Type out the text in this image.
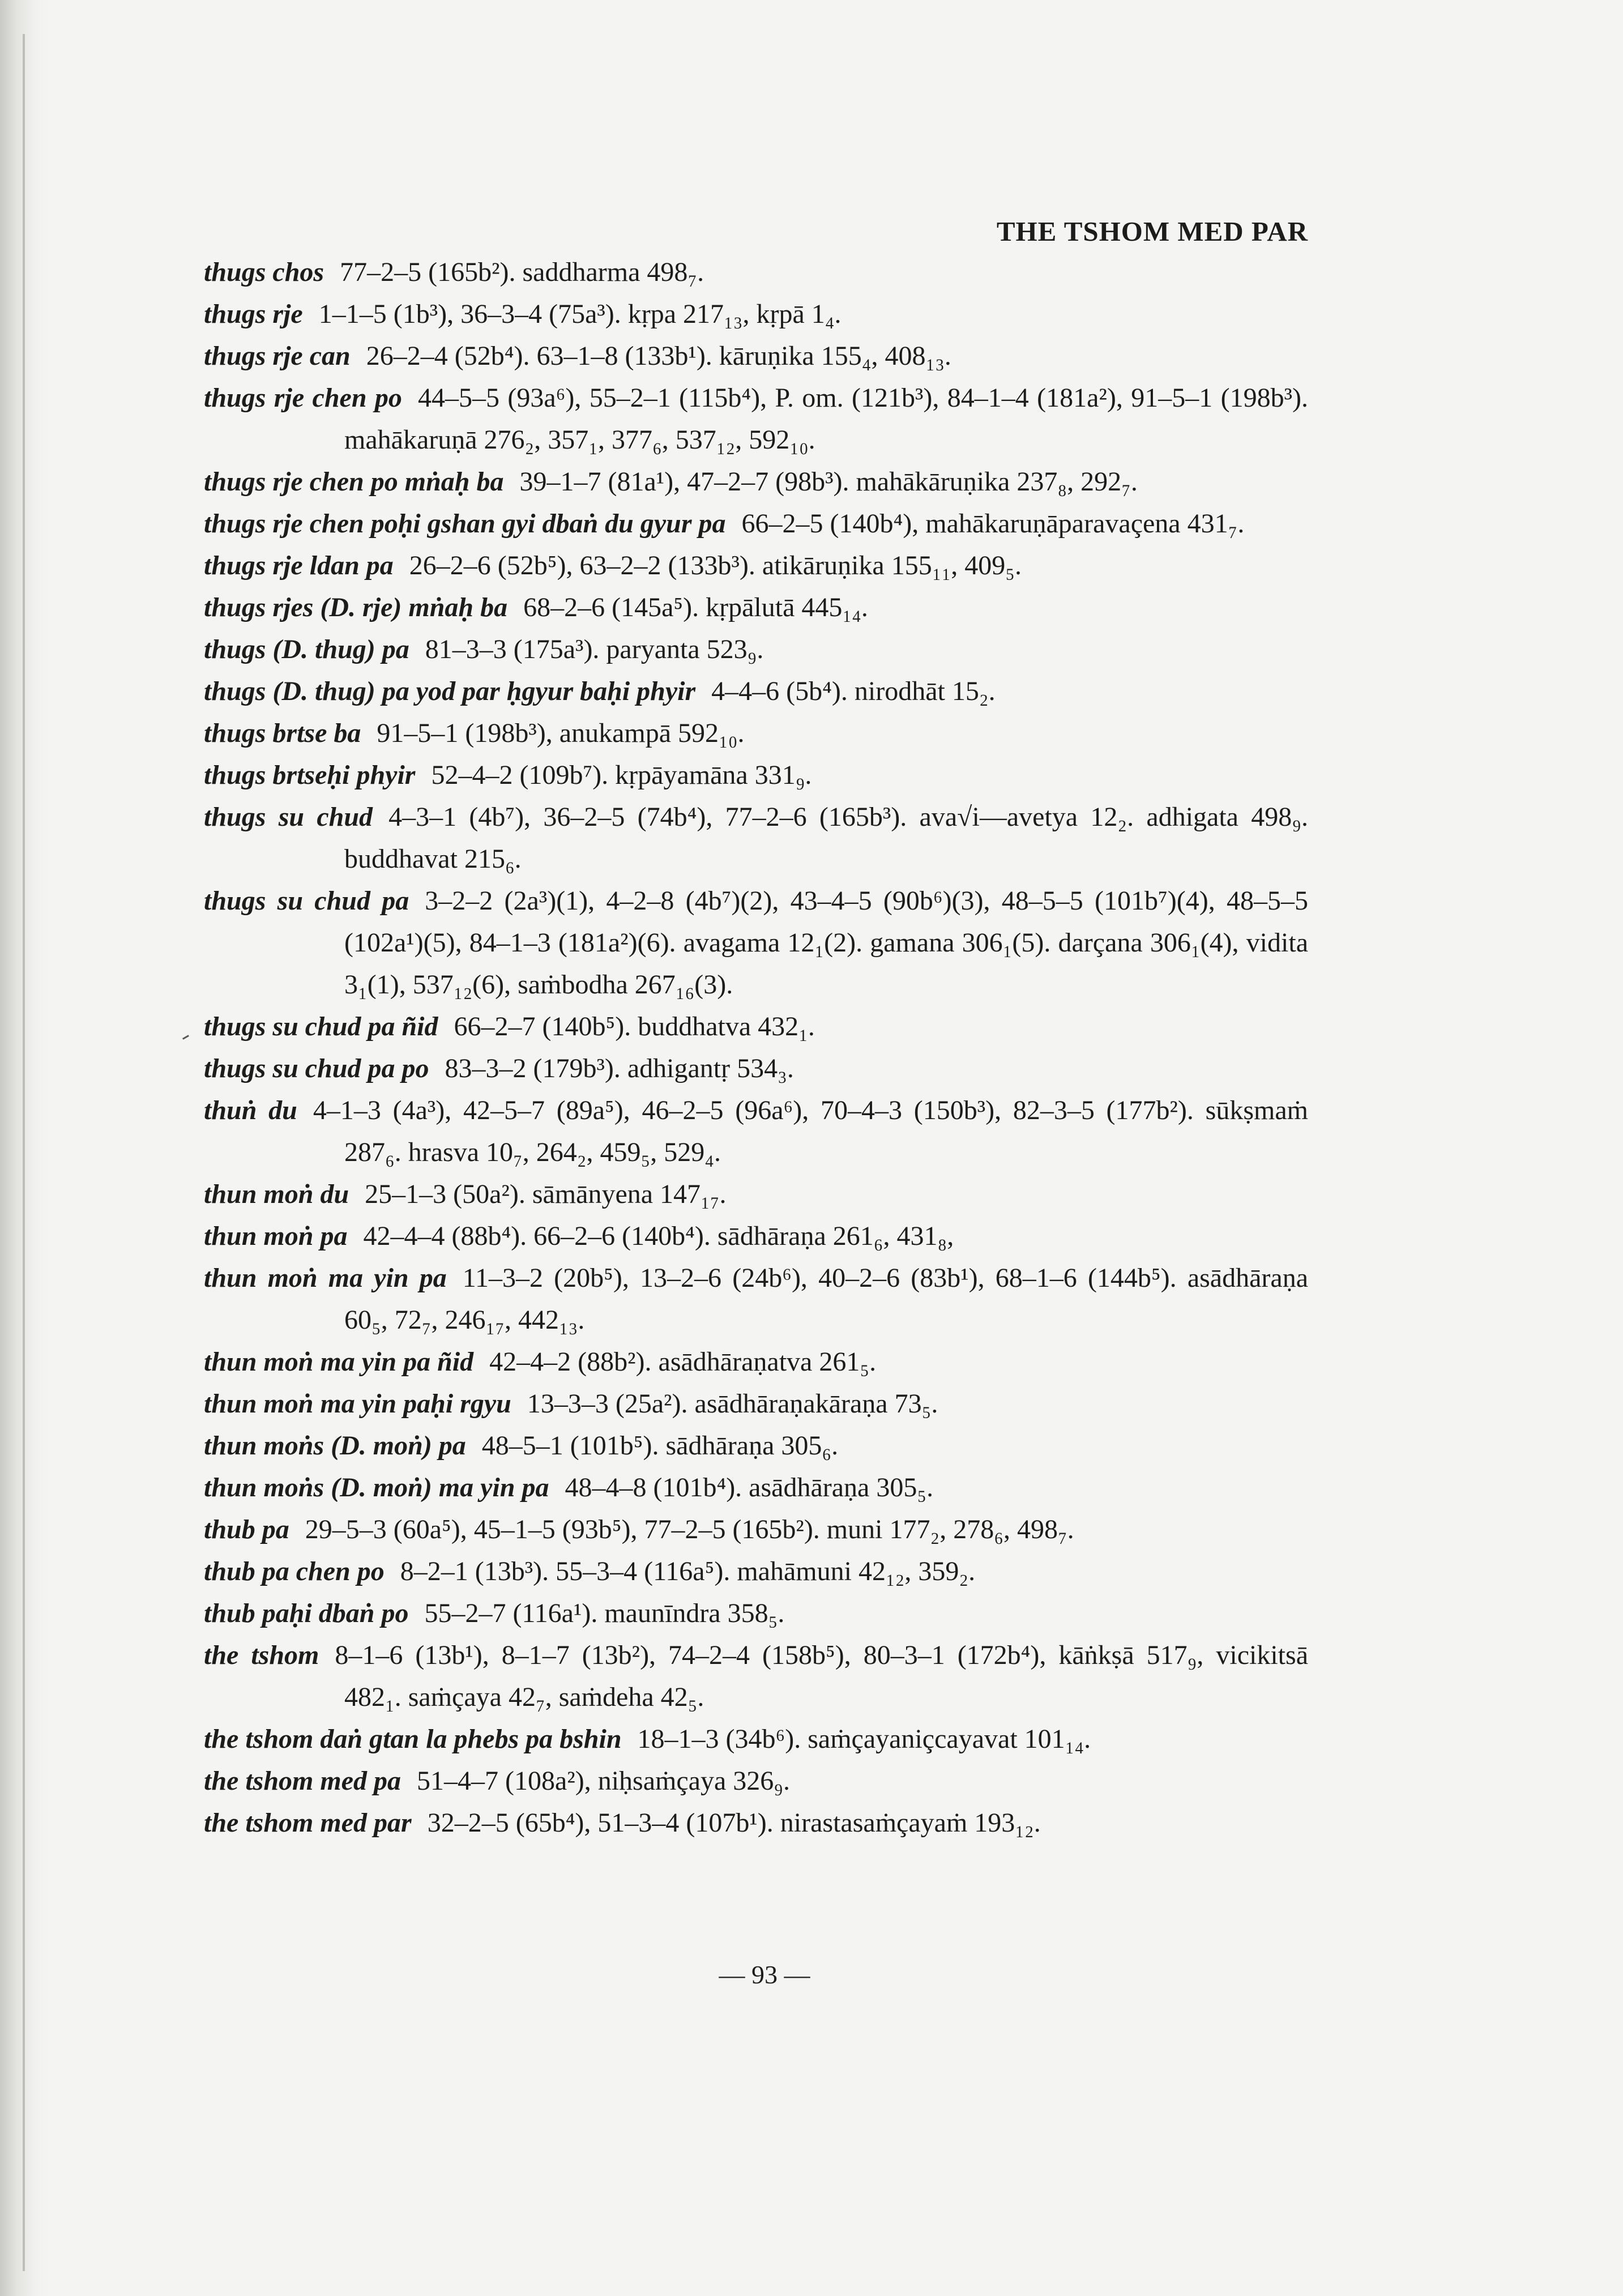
THE TSHOM MED PAR
thugs chos 77–2–5 (165b²). saddharma 498₇.
thugs rje 1–1–5 (1b³), 36–3–4 (75a³). kṛpa 217₁₃, kṛpā 1₄.
thugs rje can 26–2–4 (52b⁴). 63–1–8 (133b¹). kāruṇika 155₄, 408₁₃.
thugs rje chen po 44–5–5 (93a⁶), 55–2–1 (115b⁴), P. om. (121b³), 84–1–4 (181a²), 91–5–1 (198b³). mahākaruṇā 276₂, 357₁, 377₆, 537₁₂, 592₁₀.
thugs rje chen po mṅaḥ ba 39–1–7 (81a¹), 47–2–7 (98b³). mahākāruṇika 237₈, 292₇.
thugs rje chen poḥi gshan gyi dbaṅ du gyur pa 66–2–5 (140b⁴), mahākaruṇāparavaçena 431₇.
thugs rje ldan pa 26–2–6 (52b⁵), 63–2–2 (133b³). atikāruṇika 155₁₁, 409₅.
thugs rjes (D. rje) mṅaḥ ba 68–2–6 (145a⁵). kṛpālutā 445₁₄.
thugs (D. thug) pa 81–3–3 (175a³). paryanta 523₉.
thugs (D. thug) pa yod par ḥgyur baḥi phyir 4–4–6 (5b⁴). nirodhāt 15₂.
thugs brtse ba 91–5–1 (198b³), anukampā 592₁₀.
thugs brtseḥi phyir 52–4–2 (109b⁷). kṛpāyamāna 331₉.
thugs su chud 4–3–1 (4b⁷), 36–2–5 (74b⁴), 77–2–6 (165b³). ava√i—avetya 12₂. adhigata 498₉. buddhavat 215₆.
thugs su chud pa 3–2–2 (2a³)(1), 4–2–8 (4b⁷)(2), 43–4–5 (90b⁶)(3), 48–5–5 (101b⁷)(4), 48–5–5 (102a¹)(5), 84–1–3 (181a²)(6). avagama 12₁(2). gamana 306₁(5). darçana 306₁(4), vidita 3₁(1), 537₁₂(6), saṁbodha 267₁₆(3).
thugs su chud pa ñid 66–2–7 (140b⁵). buddhatva 432₁.
thugs su chud pa po 83–3–2 (179b³). adhigantṛ 534₃.
thuṅ du 4–1–3 (4a³), 42–5–7 (89a⁵), 46–2–5 (96a⁶), 70–4–3 (150b³), 82–3–5 (177b²). sūkṣmaṁ 287₆. hrasva 10₇, 264₂, 459₅, 529₄.
thun moṅ du 25–1–3 (50a²). sāmānyena 147₁₇.
thun moṅ pa 42–4–4 (88b⁴). 66–2–6 (140b⁴). sādhāraṇa 261₆, 431₈,
thun moṅ ma yin pa 11–3–2 (20b⁵), 13–2–6 (24b⁶), 40–2–6 (83b¹), 68–1–6 (144b⁵). asādhāraṇa 60₅, 72₇, 246₁₇, 442₁₃.
thun moṅ ma yin pa ñid 42–4–2 (88b²). asādhāraṇatva 261₅.
thun moṅ ma yin paḥi rgyu 13–3–3 (25a²). asādhāraṇakāraṇa 73₅.
thun moṅs (D. moṅ) pa 48–5–1 (101b⁵). sādhāraṇa 305₆.
thun moṅs (D. moṅ) ma yin pa 48–4–8 (101b⁴). asādhāraṇa 305₅.
thub pa 29–5–3 (60a⁵), 45–1–5 (93b⁵), 77–2–5 (165b²). muni 177₂, 278₆, 498₇.
thub pa chen po 8–2–1 (13b³). 55–3–4 (116a⁵). mahāmuni 42₁₂, 359₂.
thub paḥi dbaṅ po 55–2–7 (116a¹). maunīndra 358₅.
the tshom 8–1–6 (13b¹), 8–1–7 (13b²), 74–2–4 (158b⁵), 80–3–1 (172b⁴), kāṅkṣā 517₉, vicikitsā 482₁. saṁçaya 42₇, saṁdeha 42₅.
the tshom daṅ gtan la phebs pa bshin 18–1–3 (34b⁶). saṁçayaniçcayavat 101₁₄.
the tshom med pa 51–4–7 (108a²), niḥsaṁçaya 326₉.
the tshom med par 32–2–5 (65b⁴), 51–3–4 (107b¹). nirastasaṁçayaṁ 193₁₂.
— 93 —
